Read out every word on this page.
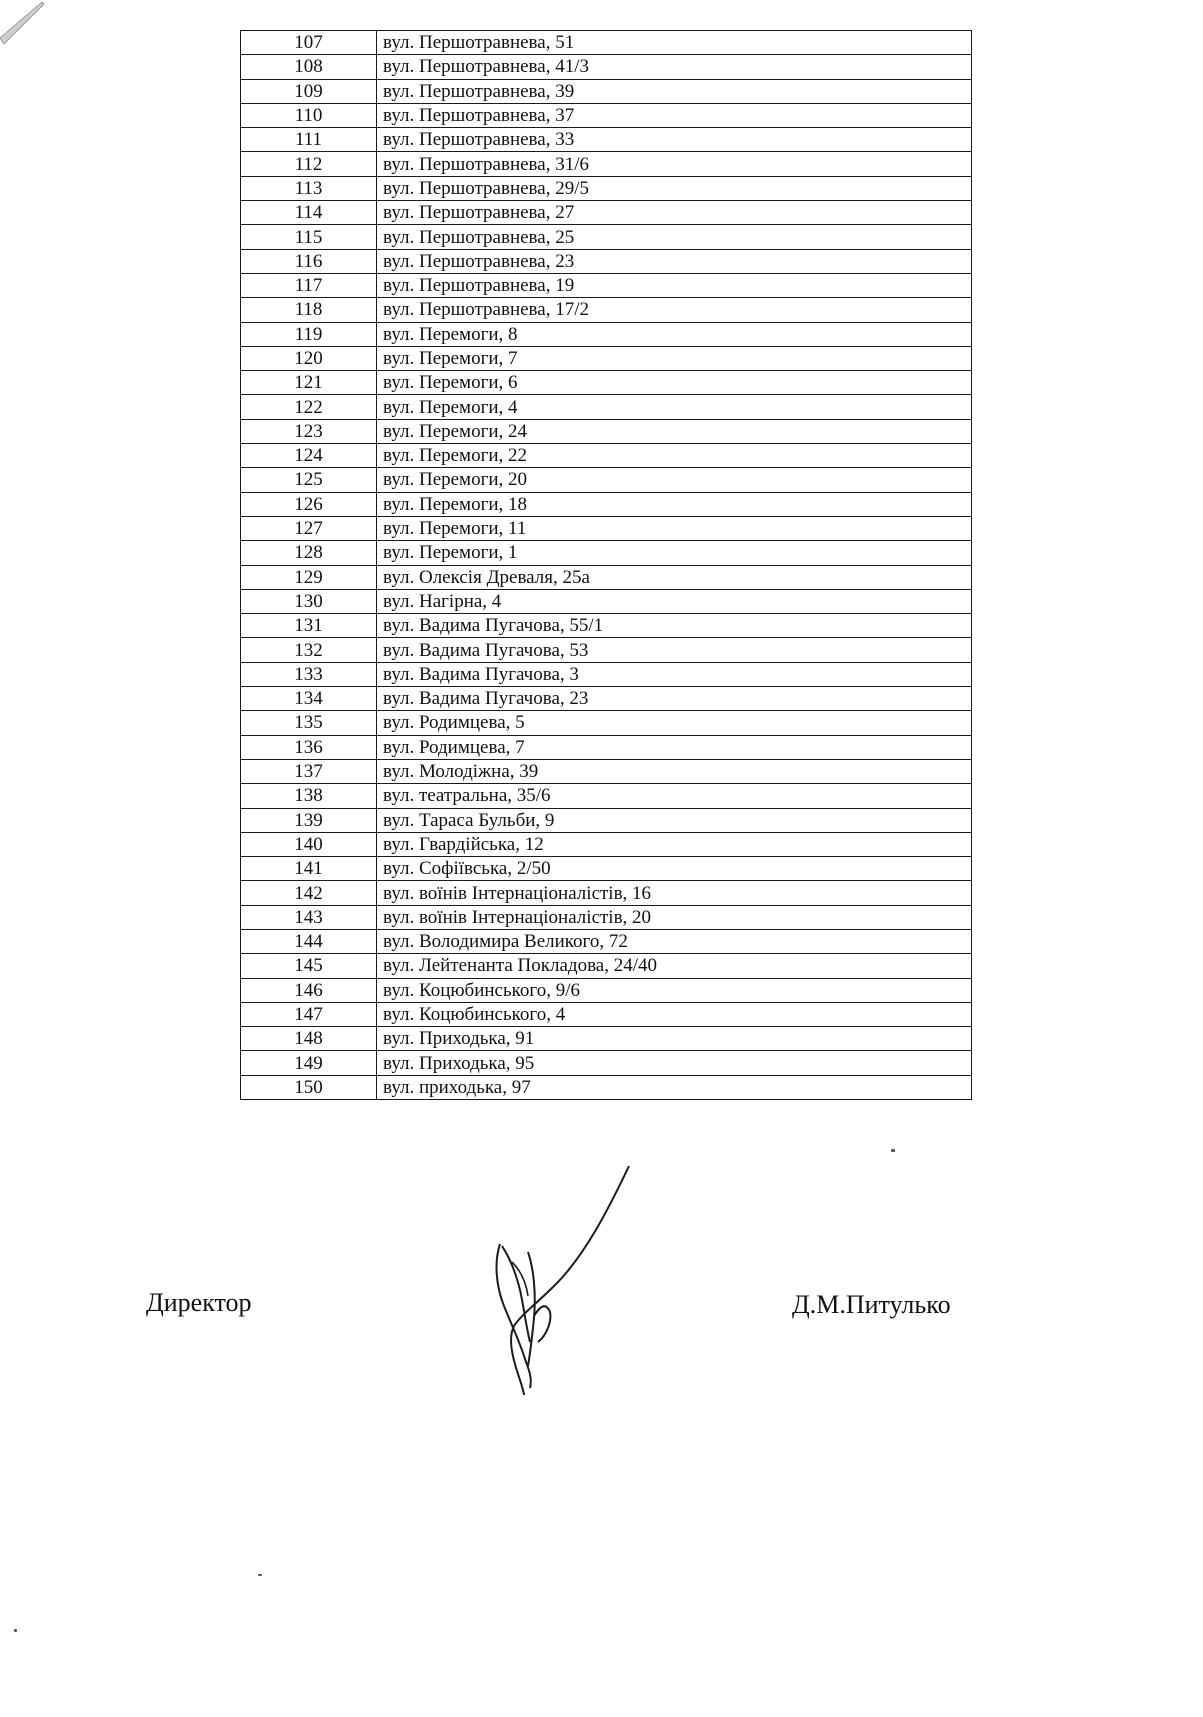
107	вул. Першотравнева, 51
108	вул. Першотравнева, 41/3
109	вул. Першотравнева, 39
110	вул. Першотравнева, 37
111	вул. Першотравнева, 33
112	вул. Першотравнева, 31/6
113	вул. Першотравнева, 29/5
114	вул. Першотравнева, 27
115	вул. Першотравнева, 25
116	вул. Першотравнева, 23
117	вул. Першотравнева, 19
118	вул. Першотравнева, 17/2
119	вул. Перемоги, 8
120	вул. Перемоги, 7
121	вул. Перемоги, 6
122	вул. Перемоги, 4
123	вул. Перемоги, 24
124	вул. Перемоги, 22
125	вул. Перемоги, 20
126	вул. Перемоги, 18
127	вул. Перемоги, 11
128	вул. Перемоги, 1
129	вул. Олексія Древаля, 25а
130	вул. Нагірна, 4
131	вул. Вадима Пугачова, 55/1
132	вул. Вадима Пугачова, 53
133	вул. Вадима Пугачова, 3
134	вул. Вадима Пугачова, 23
135	вул. Родимцева, 5
136	вул. Родимцева, 7
137	вул. Молодіжна, 39
138	вул. театральна, 35/6
139	вул. Тараса Бульби, 9
140	вул. Гвардійська, 12
141	вул. Софіївська, 2/50
142	вул. воїнів Інтернаціоналістів, 16
143	вул. воїнів Інтернаціоналістів, 20
144	вул. Володимира Великого, 72
145	вул. Лейтенанта Покладова, 24/40
146	вул. Коцюбинського, 9/6
147	вул. Коцюбинського, 4
148	вул. Приходька, 91
149	вул. Приходька, 95
150	вул. приходька, 97
Директор	Д.М.Питулько
